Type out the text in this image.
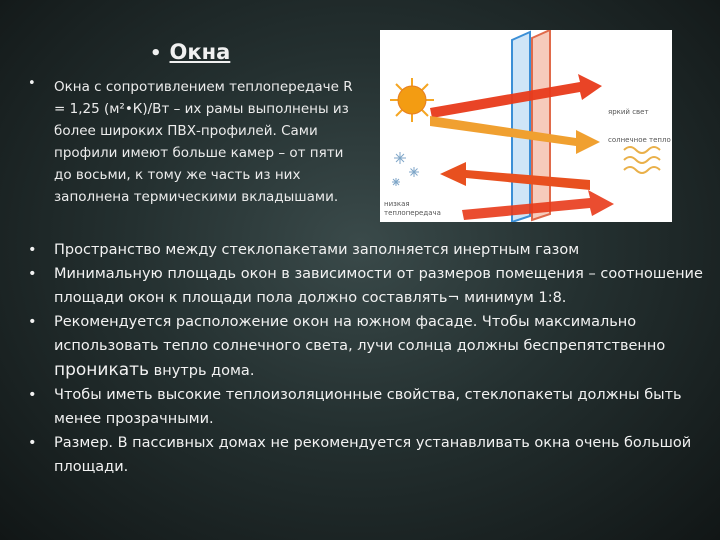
• Окна
• Окна с сопротивлением теплопередаче R = 1,25 (м²•К)/Вт – их рамы выполнены из более широких ПВХ-профилей. Сами профили имеют больше камер – от пяти до восьми, к тому же часть из них заполнена термическими вкладышами.
яркий свет
солнечное тепло
низкая
теплопередача
• Пространство между стеклопакетами заполняется инертным газом
• Минимальную площадь окон в зависимости от размеров помещения – соотношение площади окон к площади пола должно составлять¬ минимум 1:8.
• Рекомендуется расположение окон на южном фасаде. Чтобы максимально использовать тепло солнечного света, лучи солнца должны беспрепятственно проникать внутрь дома.
• Чтобы иметь высокие теплоизоляционные свойства, стеклопакеты должны быть менее прозрачными.
• Размер. В пассивных домах не рекомендуется устанавливать окна очень большой площади.
